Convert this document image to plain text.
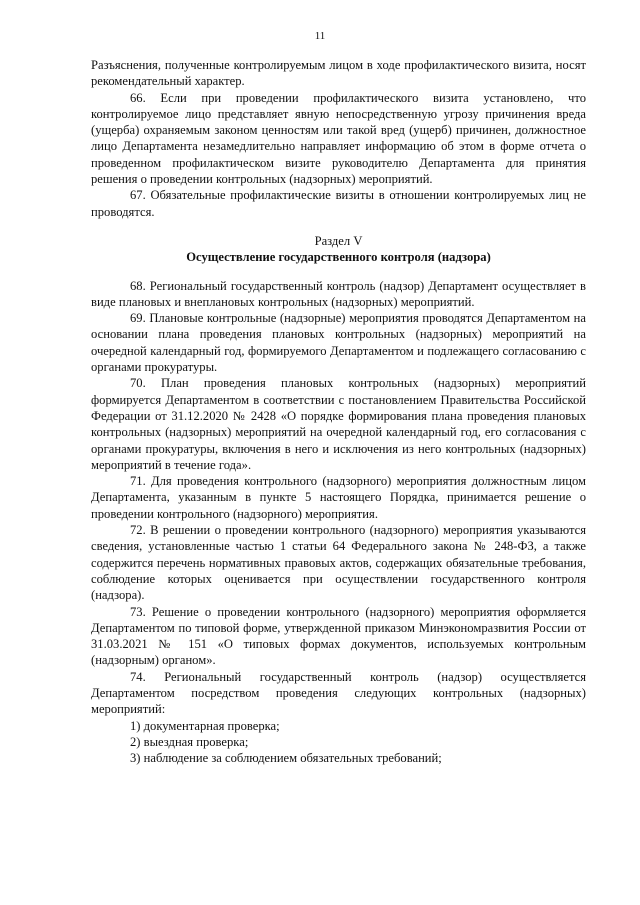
11

Разъяснения, полученные контролируемым лицом в ходе профилактического визита, носят рекомендательный характер.

66. Если при проведении профилактического визита установлено, что контролируемое лицо представляет явную непосредственную угрозу причинения вреда (ущерба) охраняемым законом ценностям или такой вред (ущерб) причинен, должностное лицо Департамента незамедлительно направляет информацию об этом в форме отчета о проведенном профилактическом визите руководителю Департамента для принятия решения о проведении контрольных (надзорных) мероприятий.

67. Обязательные профилактические визиты в отношении контролируемых лиц не проводятся.

Раздел V
Осуществление государственного контроля (надзора)

68. Региональный государственный контроль (надзор) Департамент осуществляет в виде плановых и внеплановых контрольных (надзорных) мероприятий.

69. Плановые контрольные (надзорные) мероприятия проводятся Департаментом на основании плана проведения плановых контрольных (надзорных) мероприятий на очередной календарный год, формируемого Департаментом и подлежащего согласованию с органами прокуратуры.

70. План проведения плановых контрольных (надзорных) мероприятий формируется Департаментом в соответствии с постановлением Правительства Российской Федерации от 31.12.2020 № 2428 «О порядке формирования плана проведения плановых контрольных (надзорных) мероприятий на очередной календарный год, его согласования с органами прокуратуры, включения в него и исключения из него контрольных (надзорных) мероприятий в течение года».

71. Для проведения контрольного (надзорного) мероприятия должностным лицом Департамента, указанным в пункте 5 настоящего Порядка, принимается решение о проведении контрольного (надзорного) мероприятия.

72. В решении о проведении контрольного (надзорного) мероприятия указываются сведения, установленные частью 1 статьи 64 Федерального закона № 248-ФЗ, а также содержится перечень нормативных правовых актов, содержащих обязательные требования, соблюдение которых оценивается при осуществлении государственного контроля (надзора).

73. Решение о проведении контрольного (надзорного) мероприятия оформляется Департаментом по типовой форме, утвержденной приказом Минэкономразвития России от 31.03.2021 № 151 «О типовых формах документов, используемых контрольным (надзорным) органом».

74. Региональный государственный контроль (надзор) осуществляется Департаментом посредством проведения следующих контрольных (надзорных) мероприятий:

1) документарная проверка;

2) выездная проверка;

3) наблюдение за соблюдением обязательных требований;
